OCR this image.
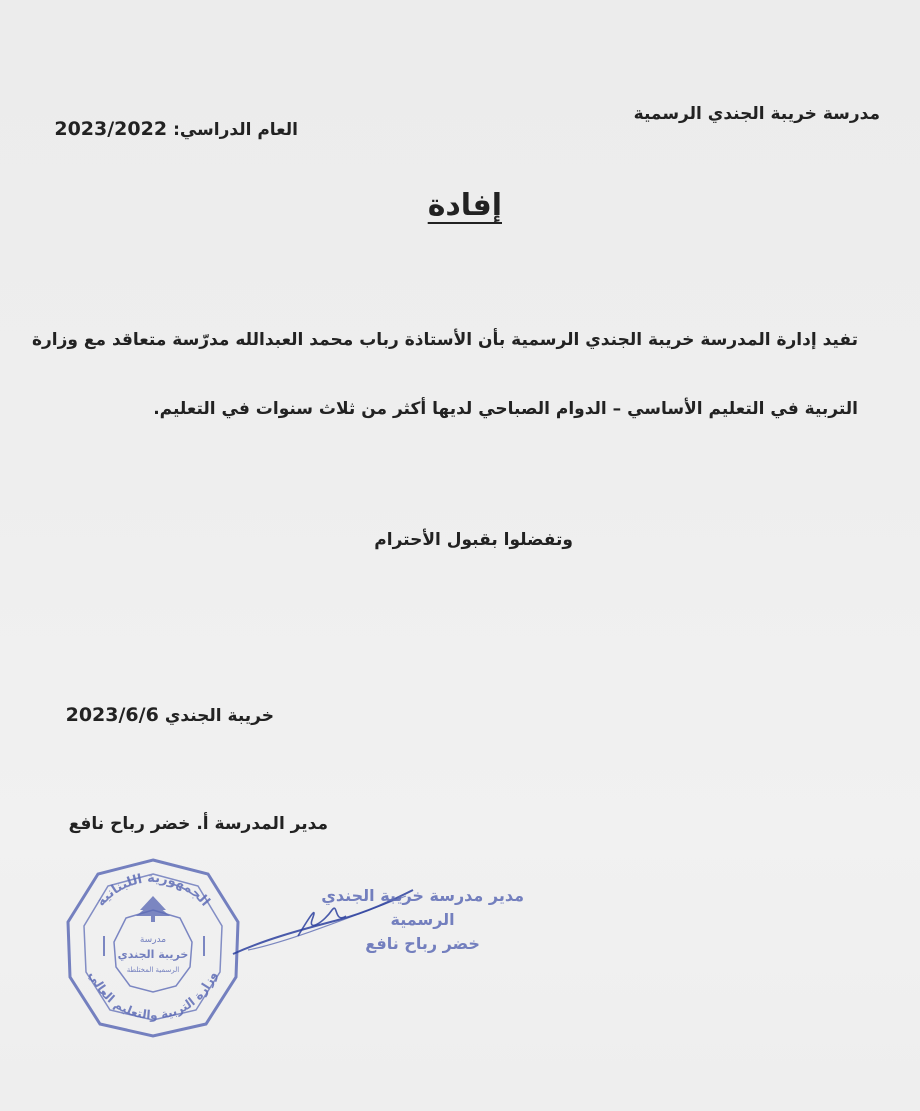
مدرسة خريبة الجندي الرسمية
العام الدراسي:2023/2022
إفادة
تفيد إدارة المدرسة خريبة الجندي الرسمية بأن الأستاذة رباب محمد العبدالله مدرّسة متعاقد مع وزارة
التربية في التعليم الأساسي – الدوام الصباحي لديها أكثر من ثلاث سنوات في التعليم.
وتفضلوا بقبول الأحترام
خريبة الجندي2023/6/6
مدير المدرسة أ. خضر رباح نافع
الجمهورية اللبنانية
وزارة التربية والتعليم العالي
مدرسة
خريبة الجندي
الرسمية المختلطة
مدير مدرسة خريبة الجندي
الرسمية
خضر رباح نافع
